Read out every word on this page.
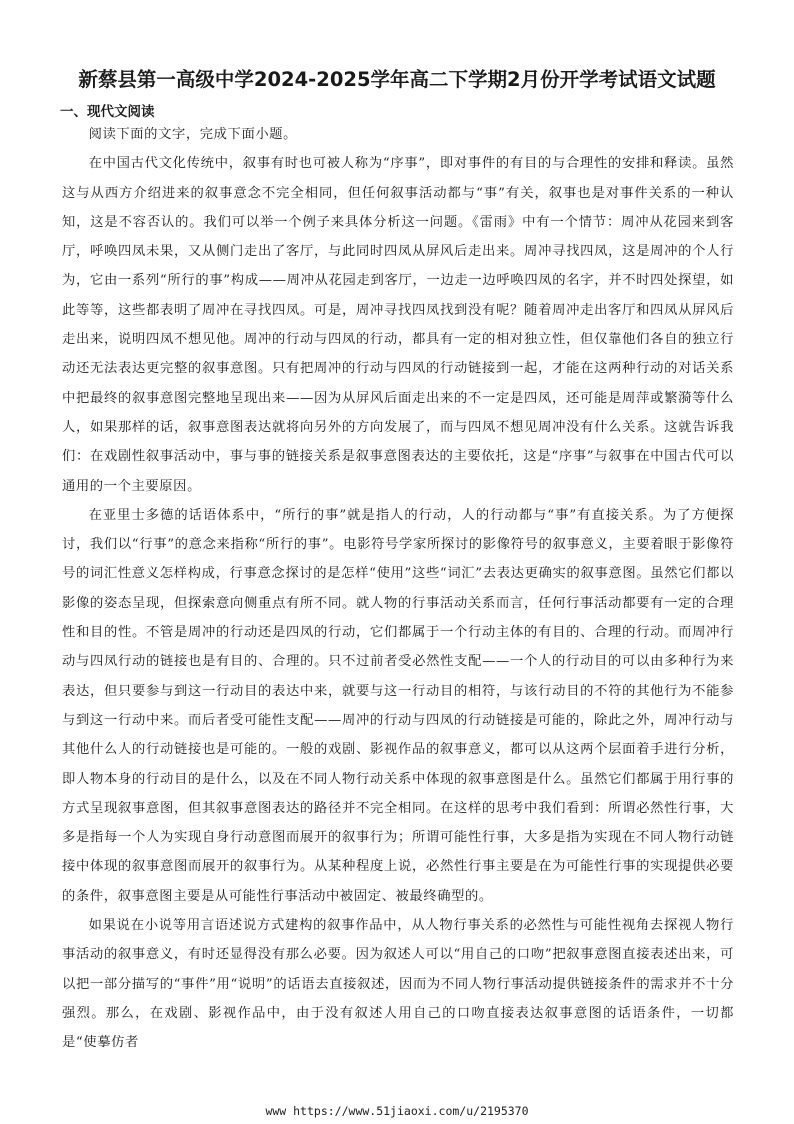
新蔡县第一高级中学2024-2025学年高二下学期2月份开学考试语文试题
一、现代文阅读

阅读下面的文字，完成下面小题。

在中国古代文化传统中，叙事有时也可被人称为“序事”，即对事件的有目的与合理性的安排和释读。虽然这与从西方介绍进来的叙事意念不完全相同，但任何叙事活动都与“事”有关，叙事也是对事件关系的一种认知，这是不容否认的。我们可以举一个例子来具体分析这一问题。《雷雨》中有一个情节：周冲从花园来到客厅，呼唤四凤未果，又从侧门走出了客厅，与此同时四凤从屏风后走出来。周冲寻找四凤，这是周冲的个人行为，它由一系列“所行的事”构成——周冲从花园走到客厅，一边走一边呼唤四凤的名字，并不时四处探望，如此等等，这些都表明了周冲在寻找四凤。可是，周冲寻找四凤找到没有呢？随着周冲走出客厅和四凤从屏风后走出来，说明四凤不想见他。周冲的行动与四凤的行动，都具有一定的相对独立性，但仅靠他们各自的独立行动还无法表达更完整的叙事意图。只有把周冲的行动与四凤的行动链接到一起，才能在这两种行动的对话关系中把最终的叙事意图完整地呈现出来——因为从屏风后面走出来的不一定是四凤，还可能是周萍或繁漪等什么人，如果那样的话，叙事意图表达就将向另外的方向发展了，而与四凤不想见周冲没有什么关系。这就告诉我们：在戏剧性叙事活动中，事与事的链接关系是叙事意图表达的主要依托，这是“序事”与叙事在中国古代可以通用的一个主要原因。

在亚里士多德的话语体系中，“所行的事”就是指人的行动，人的行动都与“事”有直接关系。为了方便探讨，我们以“行事”的意念来指称“所行的事”。电影符号学家所探讨的影像符号的叙事意义，主要着眼于影像符号的词汇性意义怎样构成，行事意念探讨的是怎样“使用”这些“词汇”去表达更确实的叙事意图。虽然它们都以影像的姿态呈现，但探索意向侧重点有所不同。就人物的行事活动关系而言，任何行事活动都要有一定的合理性和目的性。不管是周冲的行动还是四凤的行动，它们都属于一个行动主体的有目的、合理的行动。而周冲行动与四凤行动的链接也是有目的、合理的。只不过前者受必然性支配——一个人的行动目的可以由多种行为来表达，但只要参与到这一行动目的表达中来，就要与这一行动目的相符，与该行动目的不符的其他行为不能参与到这一行动中来。而后者受可能性支配——周冲的行动与四凤的行动链接是可能的，除此之外，周冲行动与其他什么人的行动链接也是可能的。一般的戏剧、影视作品的叙事意义，都可以从这两个层面着手进行分析，即人物本身的行动目的是什么，以及在不同人物行动关系中体现的叙事意图是什么。虽然它们都属于用行事的方式呈现叙事意图，但其叙事意图表达的路径并不完全相同。在这样的思考中我们看到：所谓必然性行事，大多是指每一个人为实现自身行动意图而展开的叙事行为；所谓可能性行事，大多是指为实现在不同人物行动链接中体现的叙事意图而展开的叙事行为。从某种程度上说，必然性行事主要是在为可能性行事的实现提供必要的条件，叙事意图主要是从可能性行事活动中被固定、被最终确型的。

如果说在小说等用言语述说方式建构的叙事作品中，从人物行事关系的必然性与可能性视角去探视人物行事活动的叙事意义，有时还显得没有那么必要。因为叙述人可以“用自己的口吻”把叙事意图直接表述出来，可以把一部分描写的“事件”用“说明”的话语去直接叙述，因而为不同人物行事活动提供链接条件的需求并不十分强烈。那么，在戏剧、影视作品中，由于没有叙述人用自己的口吻直接表达叙事意图的话语条件，一切都是“使摹仿者

www https://www.51jiaoxi.com/u/2195370
